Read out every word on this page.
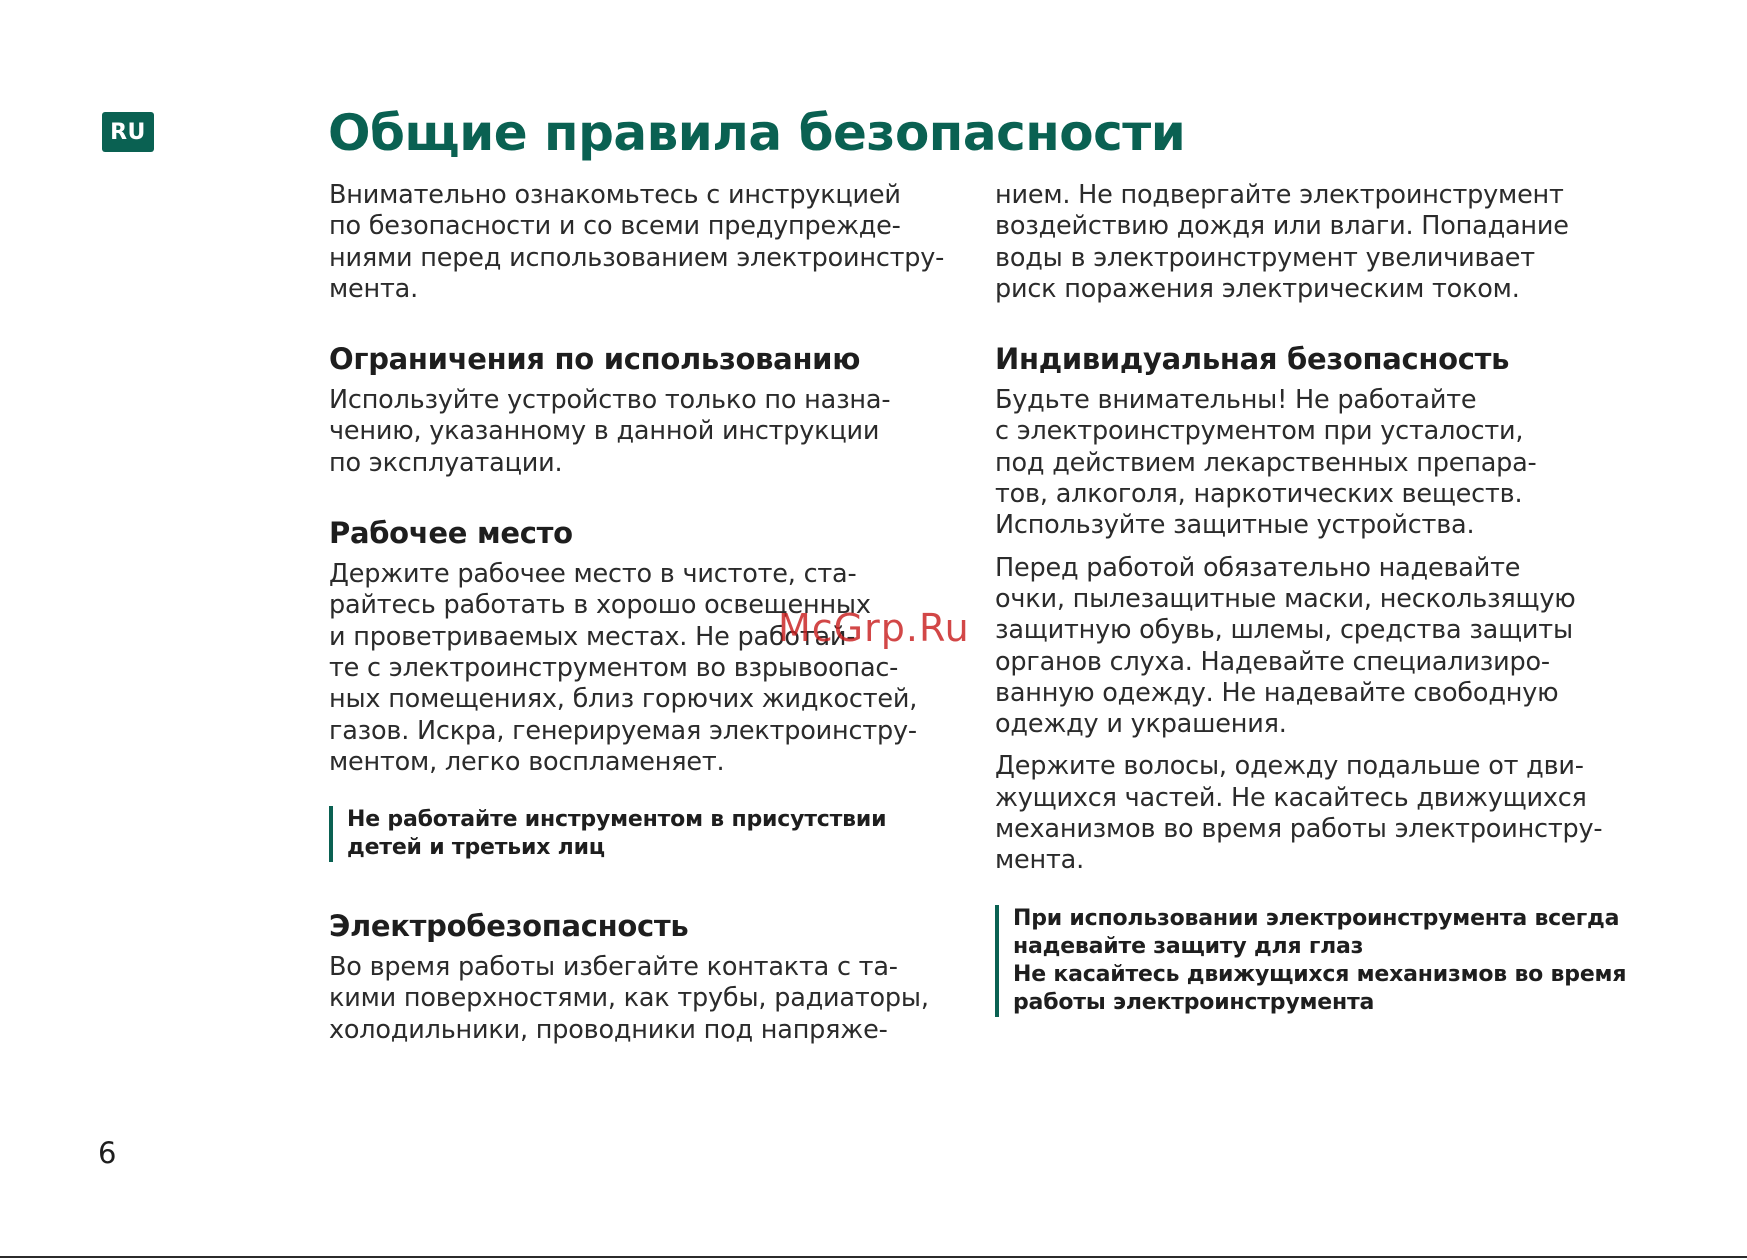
RU	Общие правила безопасности

Внимательно ознакомьтесь с инструкцией
по безопасности и со всеми предупрежде-
ниями перед использованием электроинстру-
мента.

Ограничения по использованию

Используйте устройство только по назна-
чению, указанному в данной инструкции
по эксплуатации.

Рабочее место

Держите рабочее место в чистоте, ста-
райтесь работать в хорошо освещенных
и проветриваемых местах. Не работай-
те с электроинструментом во взрывоопас-
ных помещениях, близ горючих жидкостей,
газов. Искра, генерируемая электроинстру-
ментом, легко воспламеняет.

Не работайте инструментом в присутствии
детей и третьих лиц

Электробезопасность

Во время работы избегайте контакта с та-
кими поверхностями, как трубы, радиаторы,
холодильники, проводники под напряже-

нием. Не подвергайте электроинструмент
воздействию дождя или влаги. Попадание
воды в электроинструмент увеличивает
риск поражения электрическим током.

Индивидуальная безопасность

Будьте внимательны! Не работайте
с электроинструментом при усталости,
под действием лекарственных препара-
тов, алкоголя, наркотических веществ.
Используйте защитные устройства.

Перед работой обязательно надевайте
очки, пылезащитные маски, нескользящую
защитную обувь, шлемы, средства защиты
органов слуха. Надевайте специализиро-
ванную одежду. Не надевайте свободную
одежду и украшения.

Держите волосы, одежду подальше от дви-
жущихся частей. Не касайтесь движущихся
механизмов во время работы электроинстру-
мента.

При использовании электроинструмента всегда
надевайте защиту для глаз
Не касайтесь движущихся механизмов во время
работы электроинструмента

McGrp.Ru
6
